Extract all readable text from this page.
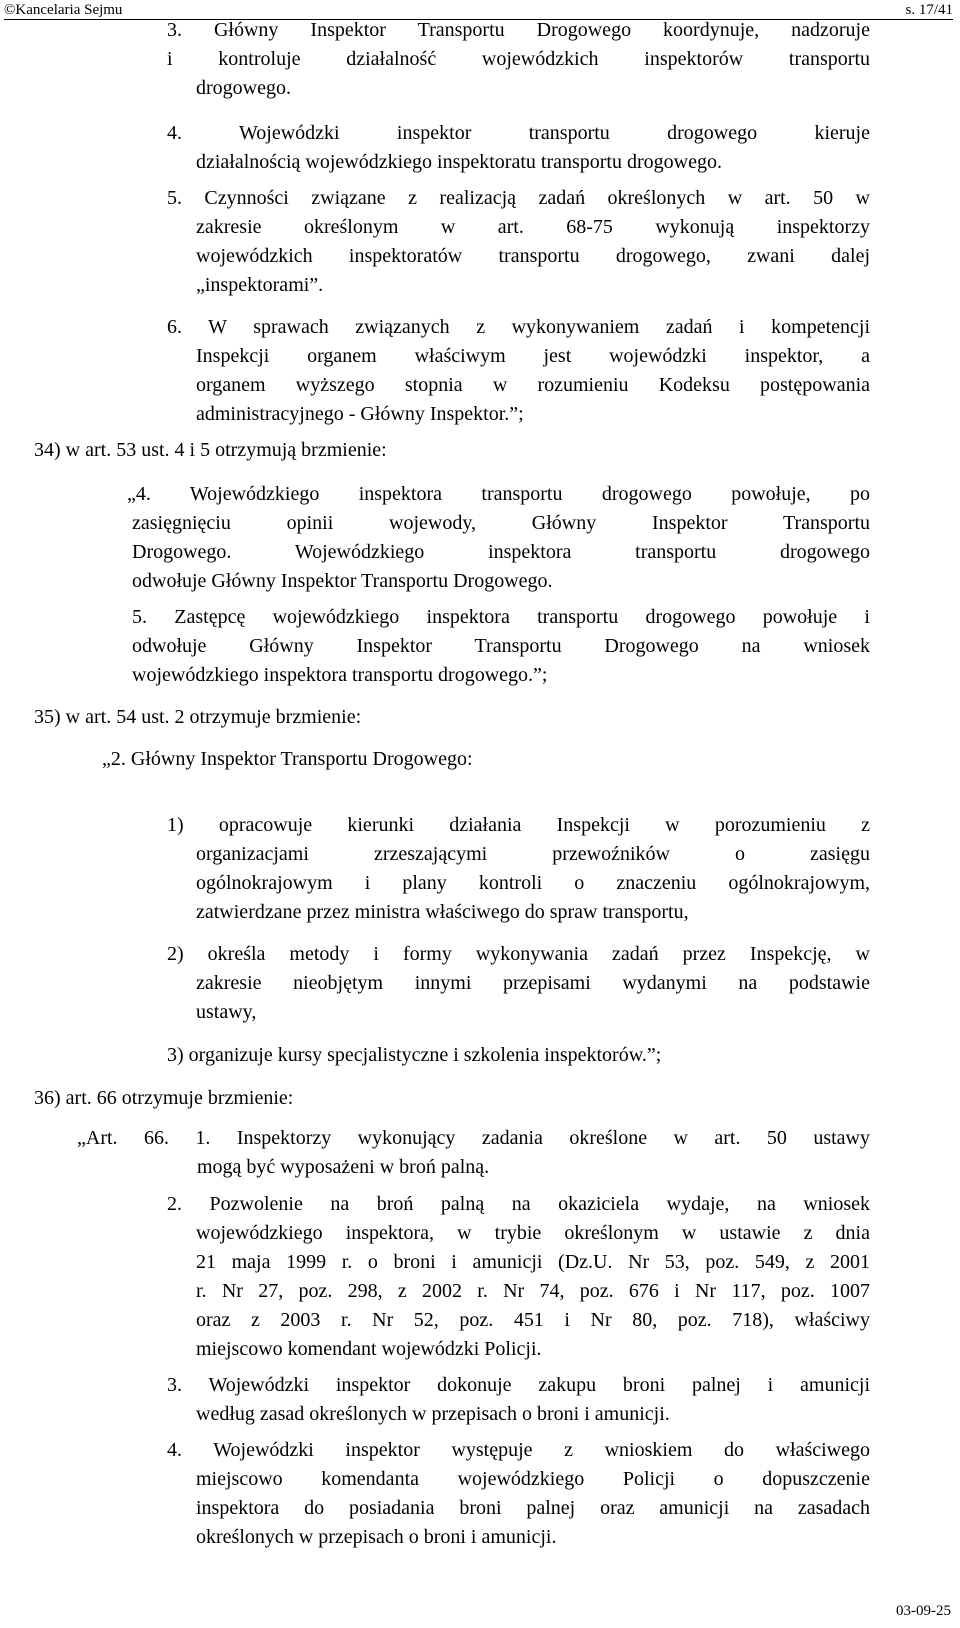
©Kancelaria Sejmu	s. 17/41
3. Główny Inspektor Transportu Drogowego koordynuje, nadzoruje
i kontroluje działalność wojewódzkich inspektorów transportu
drogowego.
4. Wojewódzki inspektor transportu drogowego kieruje
działalnością wojewódzkiego inspektoratu transportu drogowego.
5. Czynności związane z realizacją zadań określonych w art. 50 w
zakresie określonym w art. 68-75 wykonują inspektorzy
wojewódzkich inspektoratów transportu drogowego, zwani dalej
„inspektorami”.
6. W sprawach związanych z wykonywaniem zadań i kompetencji
Inspekcji organem właściwym jest wojewódzki inspektor, a
organem wyższego stopnia w rozumieniu Kodeksu postępowania
administracyjnego - Główny Inspektor.”;
34) w art. 53 ust. 4 i 5 otrzymują brzmienie:
„4. Wojewódzkiego inspektora transportu drogowego powołuje, po
zasięgnięciu opinii wojewody, Główny Inspektor Transportu
Drogowego. Wojewódzkiego inspektora transportu drogowego
odwołuje Główny Inspektor Transportu Drogowego.
5. Zastępcę wojewódzkiego inspektora transportu drogowego powołuje i
odwołuje Główny Inspektor Transportu Drogowego na wniosek
wojewódzkiego inspektora transportu drogowego.”;
35) w art. 54 ust. 2 otrzymuje brzmienie:
„2. Główny Inspektor Transportu Drogowego:
1) opracowuje kierunki działania Inspekcji w porozumieniu z
organizacjami zrzeszającymi przewoźników o zasięgu
ogólnokrajowym i plany kontroli o znaczeniu ogólnokrajowym,
zatwierdzane przez ministra właściwego do spraw transportu,
2) określa metody i formy wykonywania zadań przez Inspekcję, w
zakresie nieobjętym innymi przepisami wydanymi na podstawie
ustawy,
3) organizuje kursy specjalistyczne i szkolenia inspektorów.”;
36) art. 66 otrzymuje brzmienie:
„Art. 66. 1. Inspektorzy wykonujący zadania określone w art. 50 ustawy
mogą być wyposażeni w broń palną.
2. Pozwolenie na broń palną na okaziciela wydaje, na wniosek
wojewódzkiego inspektora, w trybie określonym w ustawie z dnia
21 maja 1999 r. o broni i amunicji (Dz.U. Nr 53, poz. 549, z 2001
r. Nr 27, poz. 298, z 2002 r. Nr 74, poz. 676 i Nr 117, poz. 1007
oraz z 2003 r. Nr 52, poz. 451 i Nr 80, poz. 718), właściwy
miejscowo komendant wojewódzki Policji.
3. Wojewódzki inspektor dokonuje zakupu broni palnej i amunicji
według zasad określonych w przepisach o broni i amunicji.
4. Wojewódzki inspektor występuje z wnioskiem do właściwego
miejscowo komendanta wojewódzkiego Policji o dopuszczenie
inspektora do posiadania broni palnej oraz amunicji na zasadach
określonych w przepisach o broni i amunicji.
03-09-25
